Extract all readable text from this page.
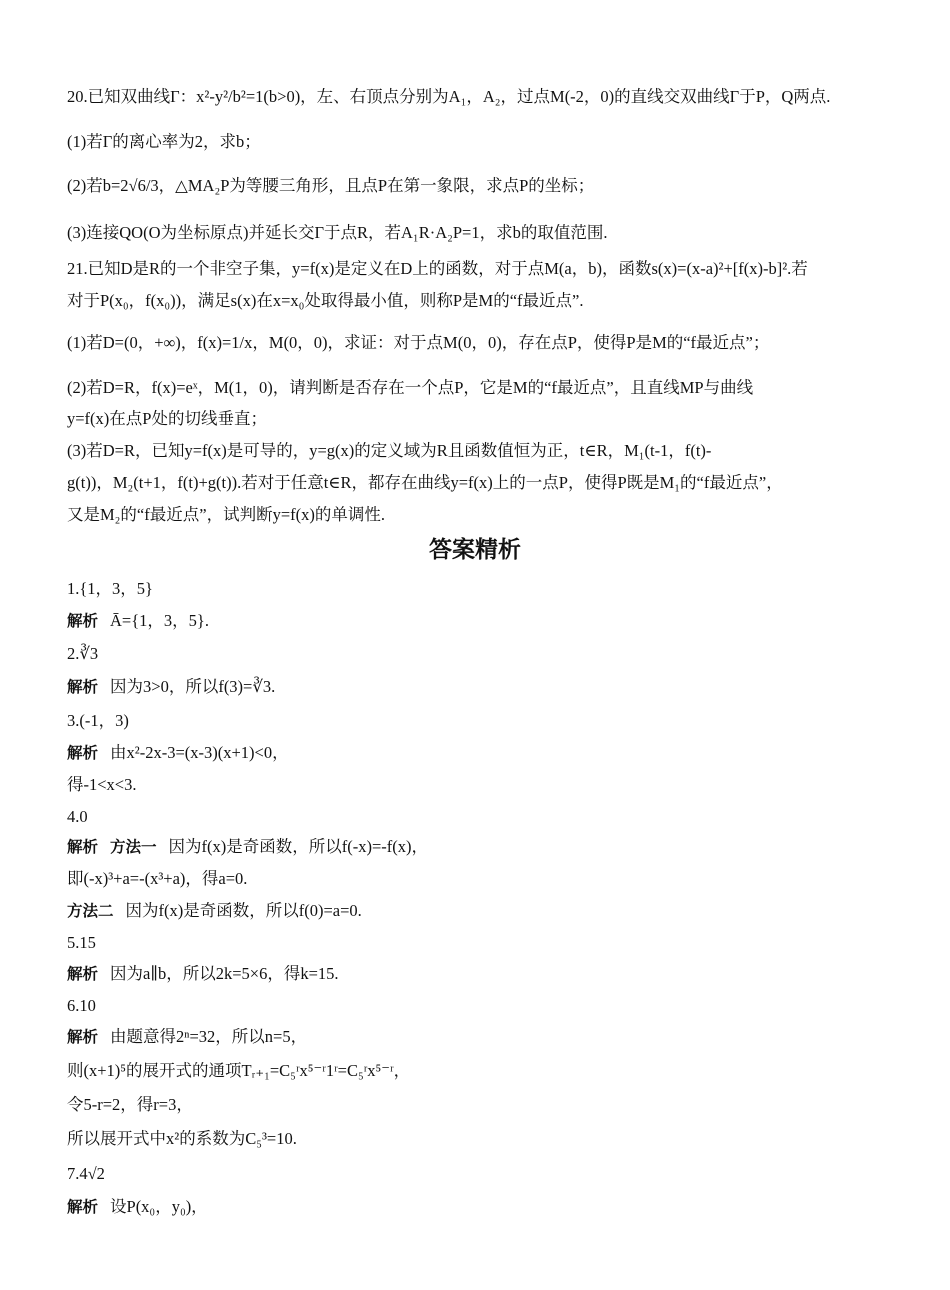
20.已知双曲线Γ：x²-y²/b²=1(b>0)，左、右顶点分别为A₁，A₂，过点M(-2，0)的直线交双曲线Γ于P，Q两点.
(1)若Γ的离心率为2，求b；
(2)若b=2√6/3，△MA₂P为等腰三角形，且点P在第一象限，求点P的坐标；
(3)连接QO(O为坐标原点)并延长交Γ于点R，若A₁R·A₂P=1，求b的取值范围.
21.已知D是R的一个非空子集，y=f(x)是定义在D上的函数，对于点M(a，b)，函数s(x)=(x-a)²+[f(x)-b]².若
对于P(x₀，f(x₀))，满足s(x)在x=x₀处取得最小值，则称P是M的“f最近点”.
(1)若D=(0，+∞)，f(x)=1/x，M(0，0)，求证：对于点M(0，0)，存在点P，使得P是M的“f最近点”；
(2)若D=R，f(x)=eˣ，M(1，0)，请判断是否存在一个点P，它是M的“f最近点”，且直线MP与曲线
y=f(x)在点P处的切线垂直；
(3)若D=R，已知y=f(x)是可导的，y=g(x)的定义域为R且函数值恒为正，t∈R，M₁(t-1，f(t)-
g(t))，M₂(t+1，f(t)+g(t)).若对于任意t∈R，都存在曲线y=f(x)上的一点P，使得P既是M₁的“f最近点”，
又是M₂的“f最近点”，试判断y=f(x)的单调性.
答案精析
1.{1，3，5}
解析 Ā={1，3，5}.
2.∛3
解析 因为3>0，所以f(3)=∛3.
3.(-1，3)
解析 由x²-2x-3=(x-3)(x+1)<0，
得-1<x<3.
4.0
解析 方法一 因为f(x)是奇函数，所以f(-x)=-f(x)，
即(-x)³+a=-(x³+a)，得a=0.
方法二 因为f(x)是奇函数，所以f(0)=a=0.
5.15
解析 因为a∥b，所以2k=5×6，得k=15.
6.10
解析 由题意得2ⁿ=32，所以n=5，
则(x+1)⁵的展开式的通项Tᵣ₊₁=C₅ʳx⁵⁻ʳ1ʳ=C₅ʳx⁵⁻ʳ，
令5-r=2，得r=3，
所以展开式中x²的系数为C₅³=10.
7.4√2
解析 设P(x₀，y₀)，
